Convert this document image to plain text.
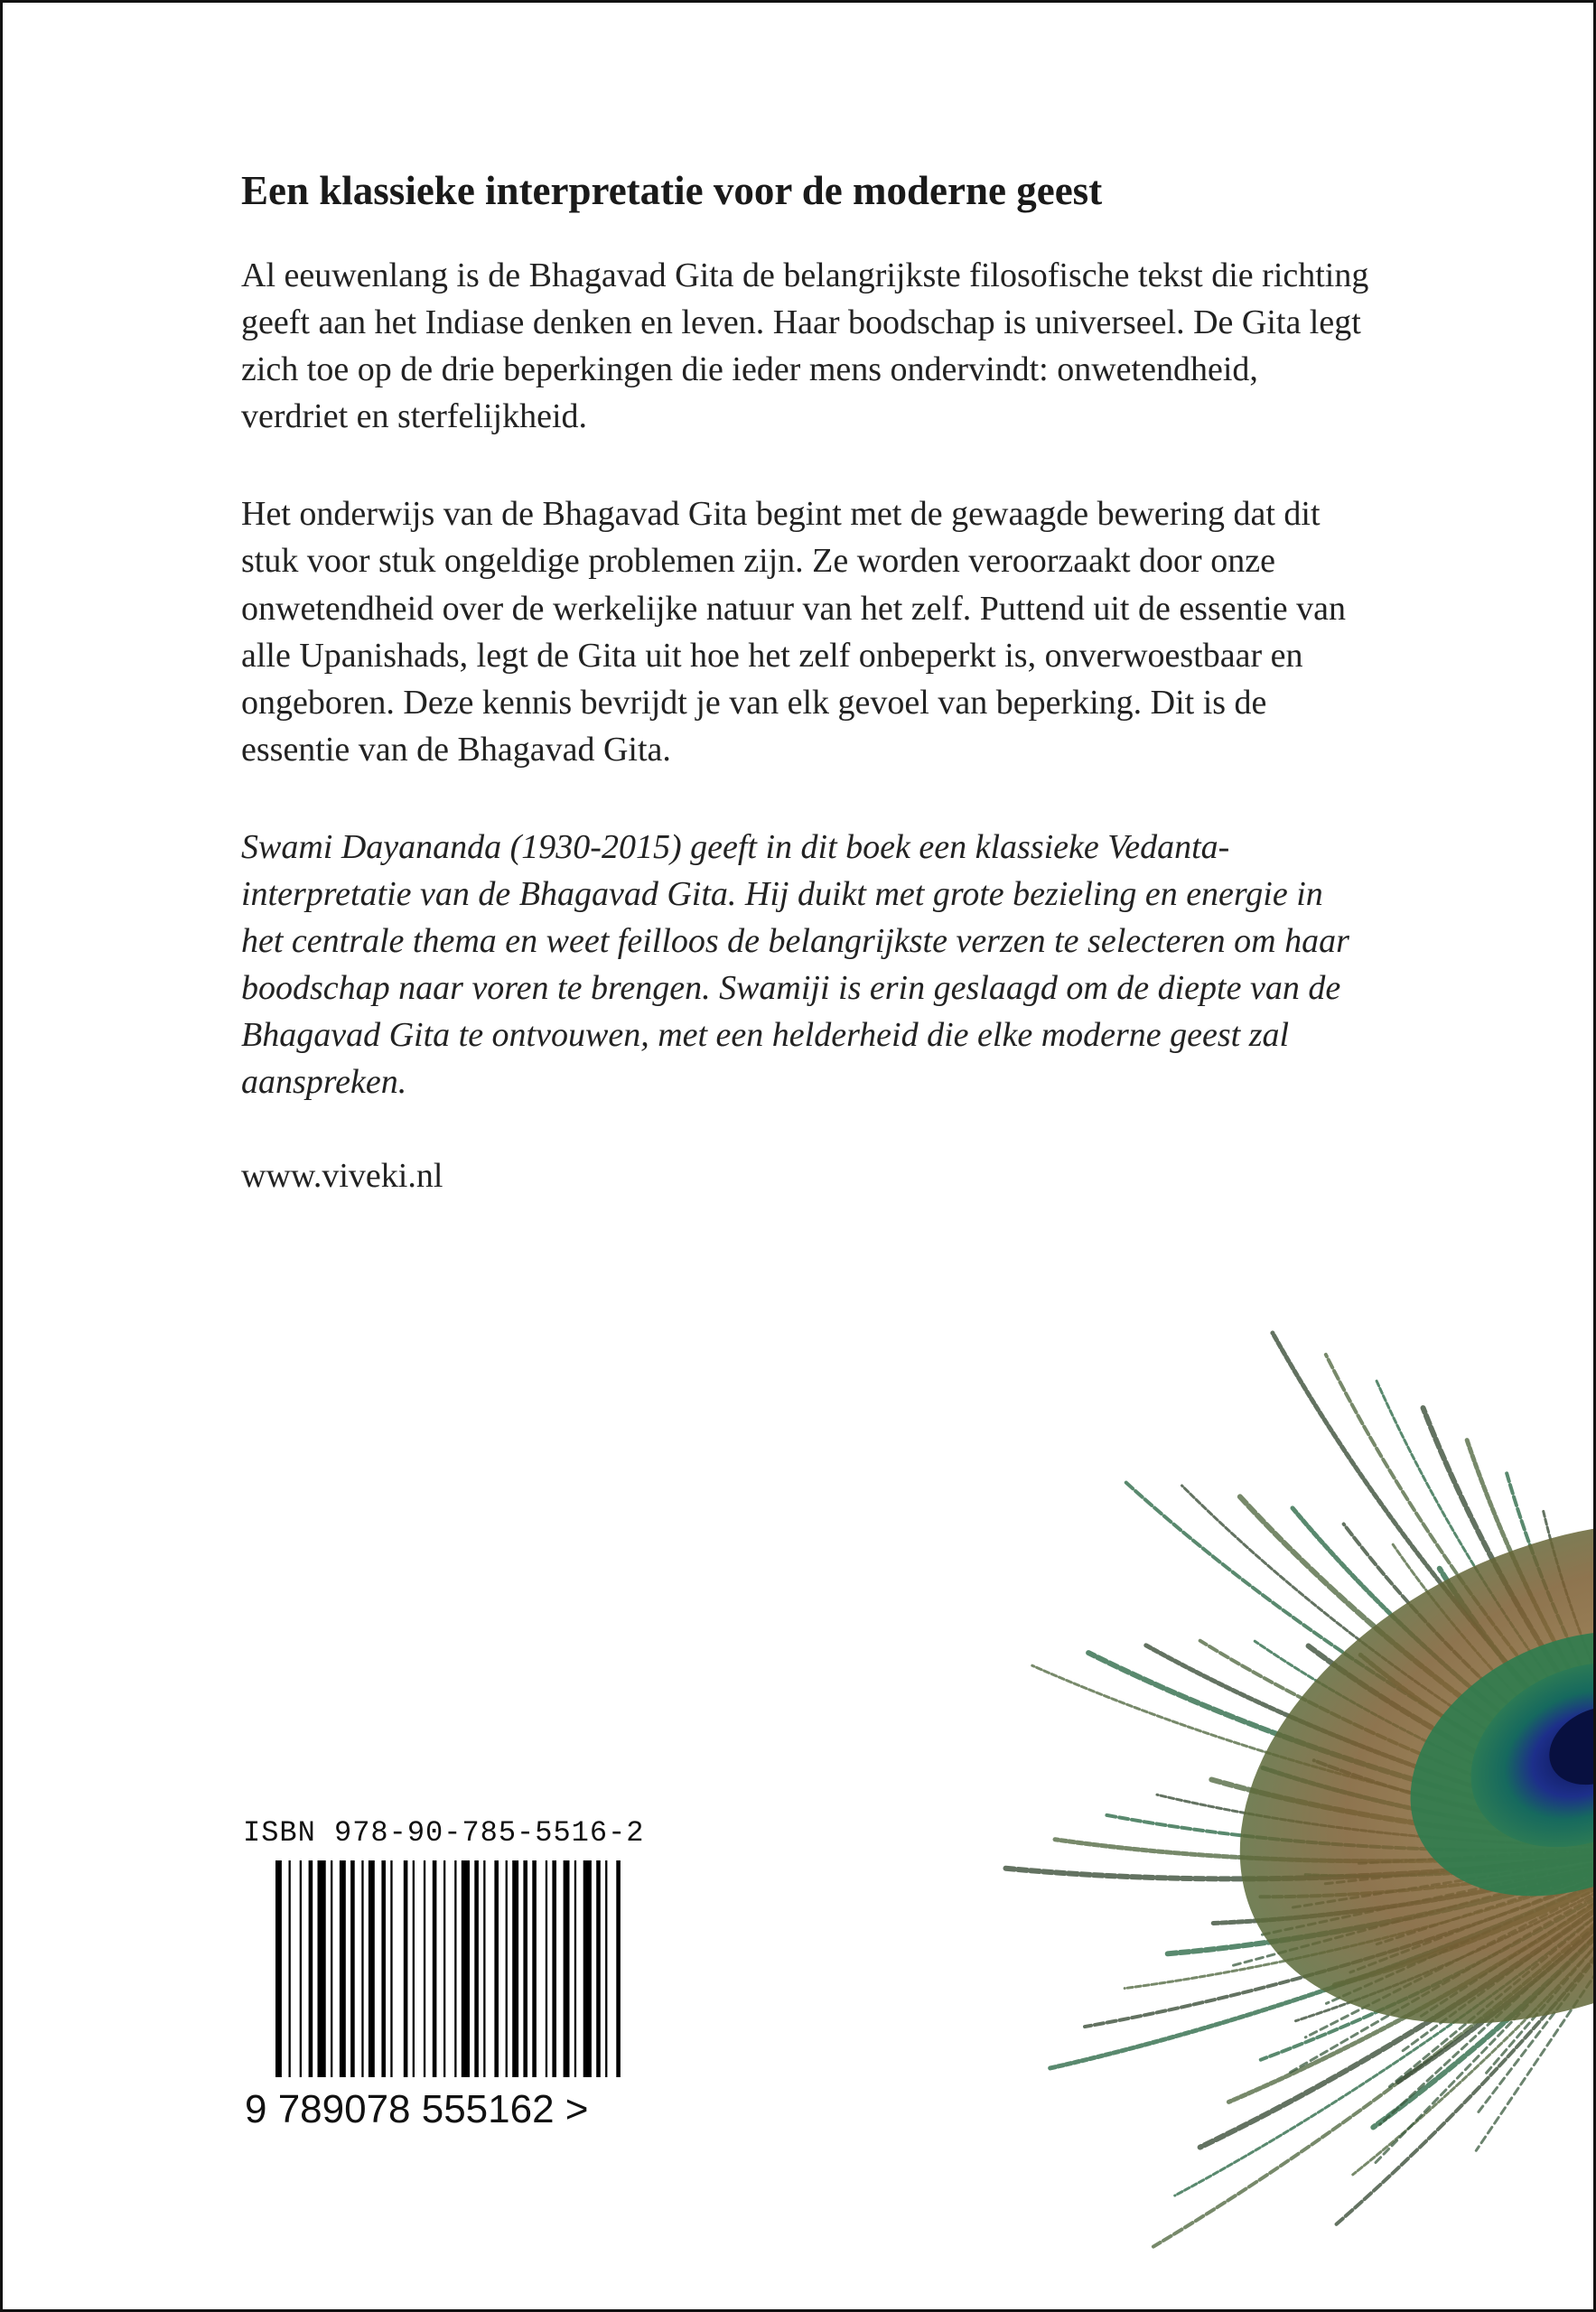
Een klassieke interpretatie voor de moderne geest

Al eeuwenlang is de Bhagavad Gita de belangrijkste filosofische tekst die richting geeft aan het Indiase denken en leven. Haar boodschap is universeel. De Gita legt zich toe op de drie beperkingen die ieder mens ondervindt: onwetendheid, verdriet en sterfelijkheid.

Het onderwijs van de Bhagavad Gita begint met de gewaagde bewering dat dit stuk voor stuk ongeldige problemen zijn. Ze worden veroorzaakt door onze onwetendheid over de werkelijke natuur van het zelf. Puttend uit de essentie van alle Upanishads, legt de Gita uit hoe het zelf onbeperkt is, onverwoestbaar en ongeboren. Deze kennis bevrijdt je van elk gevoel van beperking. Dit is de essentie van de Bhagavad Gita.

Swami Dayananda (1930-2015) geeft in dit boek een klassieke Vedanta-interpretatie van de Bhagavad Gita. Hij duikt met grote bezieling en energie in het centrale thema en weet feilloos de belangrijkste verzen te selecteren om haar boodschap naar voren te brengen. Swamiji is erin geslaagd om de diepte van de Bhagavad Gita te ontvouwen, met een helderheid die elke moderne geest zal aanspreken.

www.viveki.nl

ISBN 978-90-785-5516-2

9 789078 555162 >
